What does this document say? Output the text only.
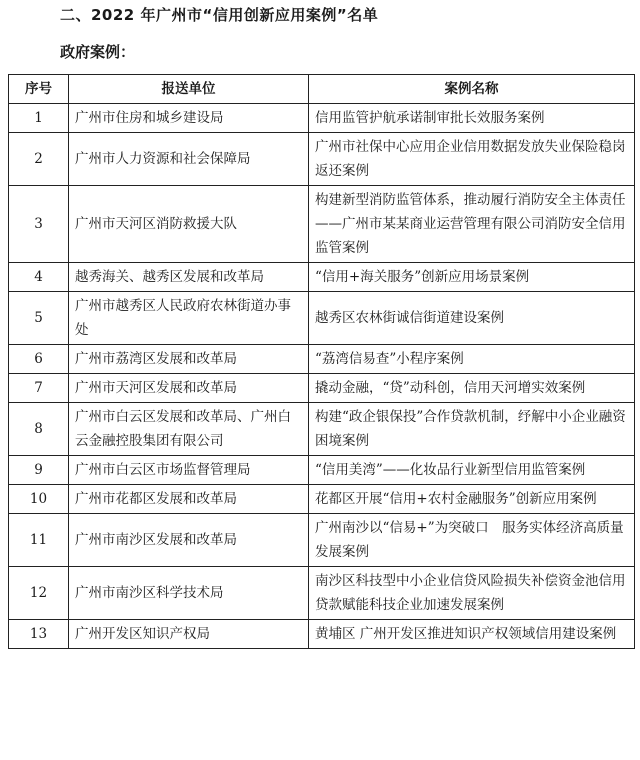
二、2022 年广州市“信用创新应用案例”名单
政府案例：
序号	报送单位	案例名称
1	广州市住房和城乡建设局	信用监管护航承诺制审批长效服务案例
2	广州市人力资源和社会保障局	广州市社保中心应用企业信用数据发放失业保险稳岗返还案例
3	广州市天河区消防救援大队	构建新型消防监管体系，推动履行消防安全主体责任——广州市某某商业运营管理有限公司消防安全信用监管案例
4	越秀海关、越秀区发展和改革局	“信用+海关服务”创新应用场景案例
5	广州市越秀区人民政府农林街道办事处	越秀区农林街诚信街道建设案例
6	广州市荔湾区发展和改革局	“荔湾信易查”小程序案例
7	广州市天河区发展和改革局	撬动金融，“贷”动科创，信用天河增实效案例
8	广州市白云区发展和改革局、广州白云金融控股集团有限公司	构建“政企银保投”合作贷款机制，纾解中小企业融资困境案例
9	广州市白云区市场监督管理局	“信用美湾”——化妆品行业新型信用监管案例
10	广州市花都区发展和改革局	花都区开展“信用+农村金融服务”创新应用案例
11	广州市南沙区发展和改革局	广州南沙以“信易+”为突破口　服务实体经济高质量发展案例
12	广州市南沙区科学技术局	南沙区科技型中小企业信贷风险损失补偿资金池信用贷款赋能科技企业加速发展案例
13	广州开发区知识产权局	黄埔区 广州开发区推进知识产权领域信用建设案例
